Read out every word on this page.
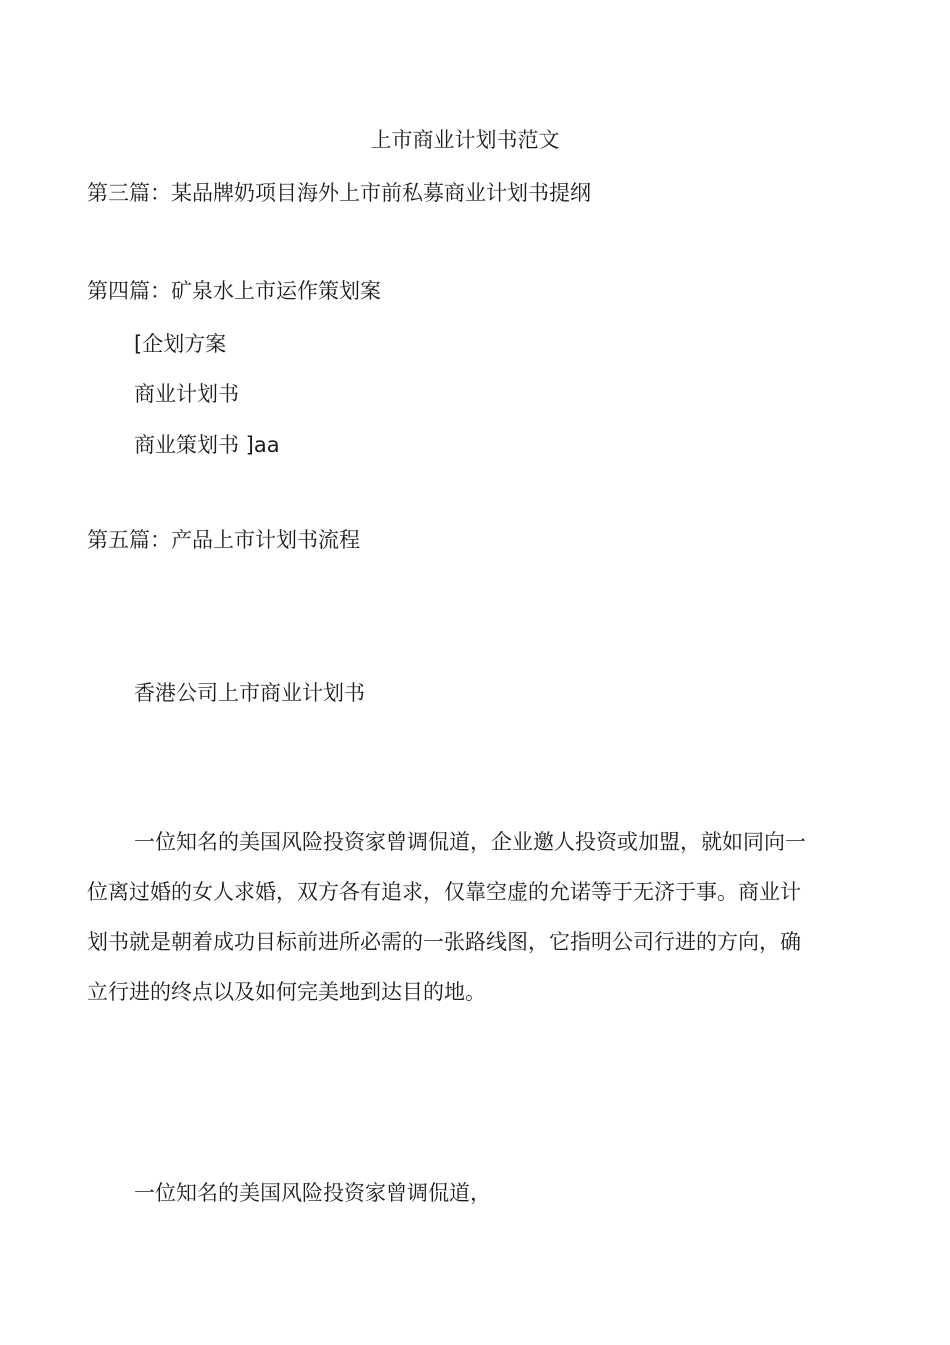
上市商业计划书范文
第三篇：某品牌奶项目海外上市前私募商业计划书提纲
第四篇：矿泉水上市运作策划案
[企划方案
商业计划书
商业策划书 ]aa
第五篇：产品上市计划书流程
香港公司上市商业计划书
一位知名的美国风险投资家曾调侃道，企业邀人投资或加盟，就如同向一位离过婚的女人求婚，双方各有追求，仅靠空虚的允诺等于无济于事。商业计划书就是朝着成功目标前进所必需的一张路线图，它指明公司行进的方向，确立行进的终点以及如何完美地到达目的地。
一位知名的美国风险投资家曾调侃道，
